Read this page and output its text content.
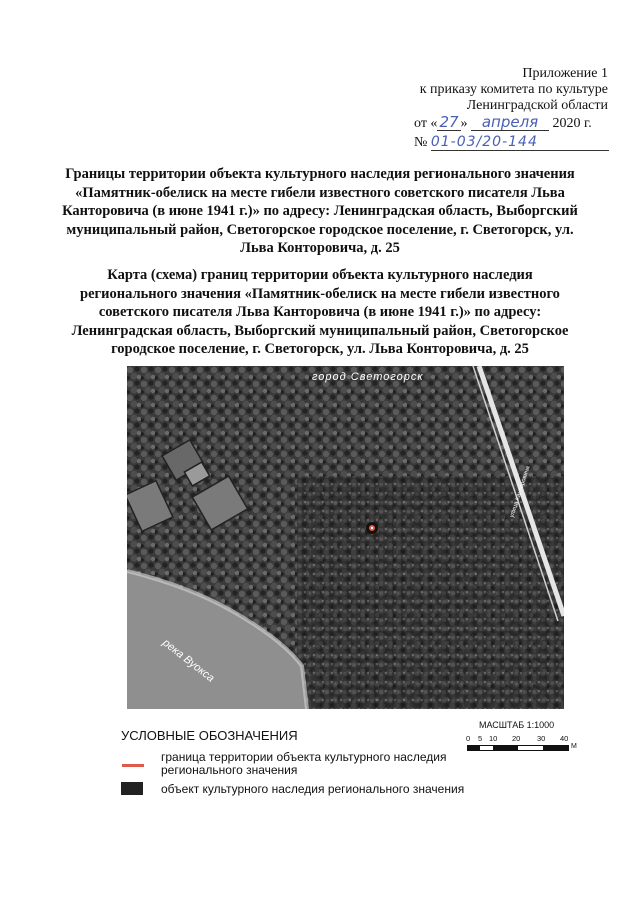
Приложение 1
к приказу комитета по культуре
Ленинградской области
от « 27 » апреля 2020 г.
№ 01-03/20-144
Границы территории объекта культурного наследия регионального значения «Памятник-обелиск на месте гибели известного советского писателя Льва Канторовича (в июне 1941 г.)» по адресу: Ленинградская область, Выборгский муниципальный район, Светогорское городское поселение, г. Светогорск, ул. Льва Конторовича, д. 25
Карта (схема) границ территории объекта культурного наследия регионального значения «Памятник-обелиск на месте гибели известного советского писателя Льва Канторовича (в июне 1941 г.)» по адресу: Ленинградская область, Выборгский муниципальный район, Светогорское городское поселение, г. Светогорск, ул. Льва Конторовича, д. 25
город Светогорск
река Вуокса
улица Канторовича
УСЛОВНЫЕ ОБОЗНАЧЕНИЯ
граница территории объекта культурного наследия
регионального значения
объект культурного наследия регионального значения
МАСШТАБ 1:1000
0 5 10 20 30 40
М
